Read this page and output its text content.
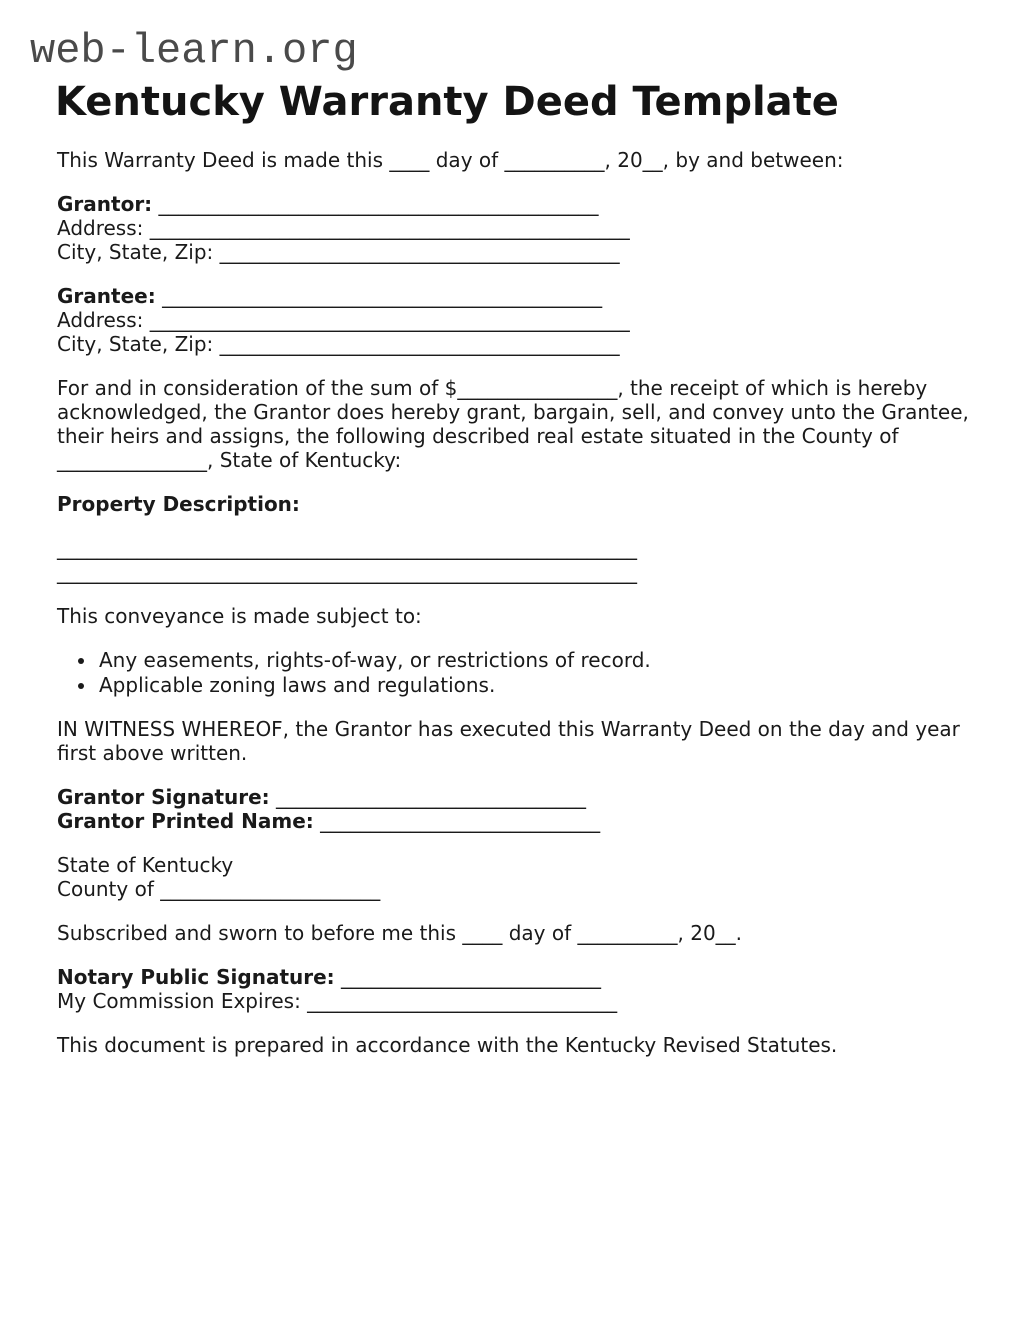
web-learn.org
Kentucky Warranty Deed Template

This Warranty Deed is made this ____ day of __________, 20__, by and between:

Grantor: ____________________________________________
Address: ________________________________________________
City, State, Zip: ________________________________________

Grantee: ____________________________________________
Address: ________________________________________________
City, State, Zip: ________________________________________

For and in consideration of the sum of $________________, the receipt of which is hereby acknowledged, the Grantor does hereby grant, bargain, sell, and convey unto the Grantee, their heirs and assigns, the following described real estate situated in the County of _______________, State of Kentucky:

Property Description:

__________________________________________________________
__________________________________________________________

This conveyance is made subject to:

• Any easements, rights-of-way, or restrictions of record.
• Applicable zoning laws and regulations.

IN WITNESS WHEREOF, the Grantor has executed this Warranty Deed on the day and year first above written.

Grantor Signature: _______________________________
Grantor Printed Name: ____________________________

State of Kentucky
County of ______________________

Subscribed and sworn to before me this ____ day of __________, 20__.

Notary Public Signature: __________________________
My Commission Expires: _______________________________

This document is prepared in accordance with the Kentucky Revised Statutes.
